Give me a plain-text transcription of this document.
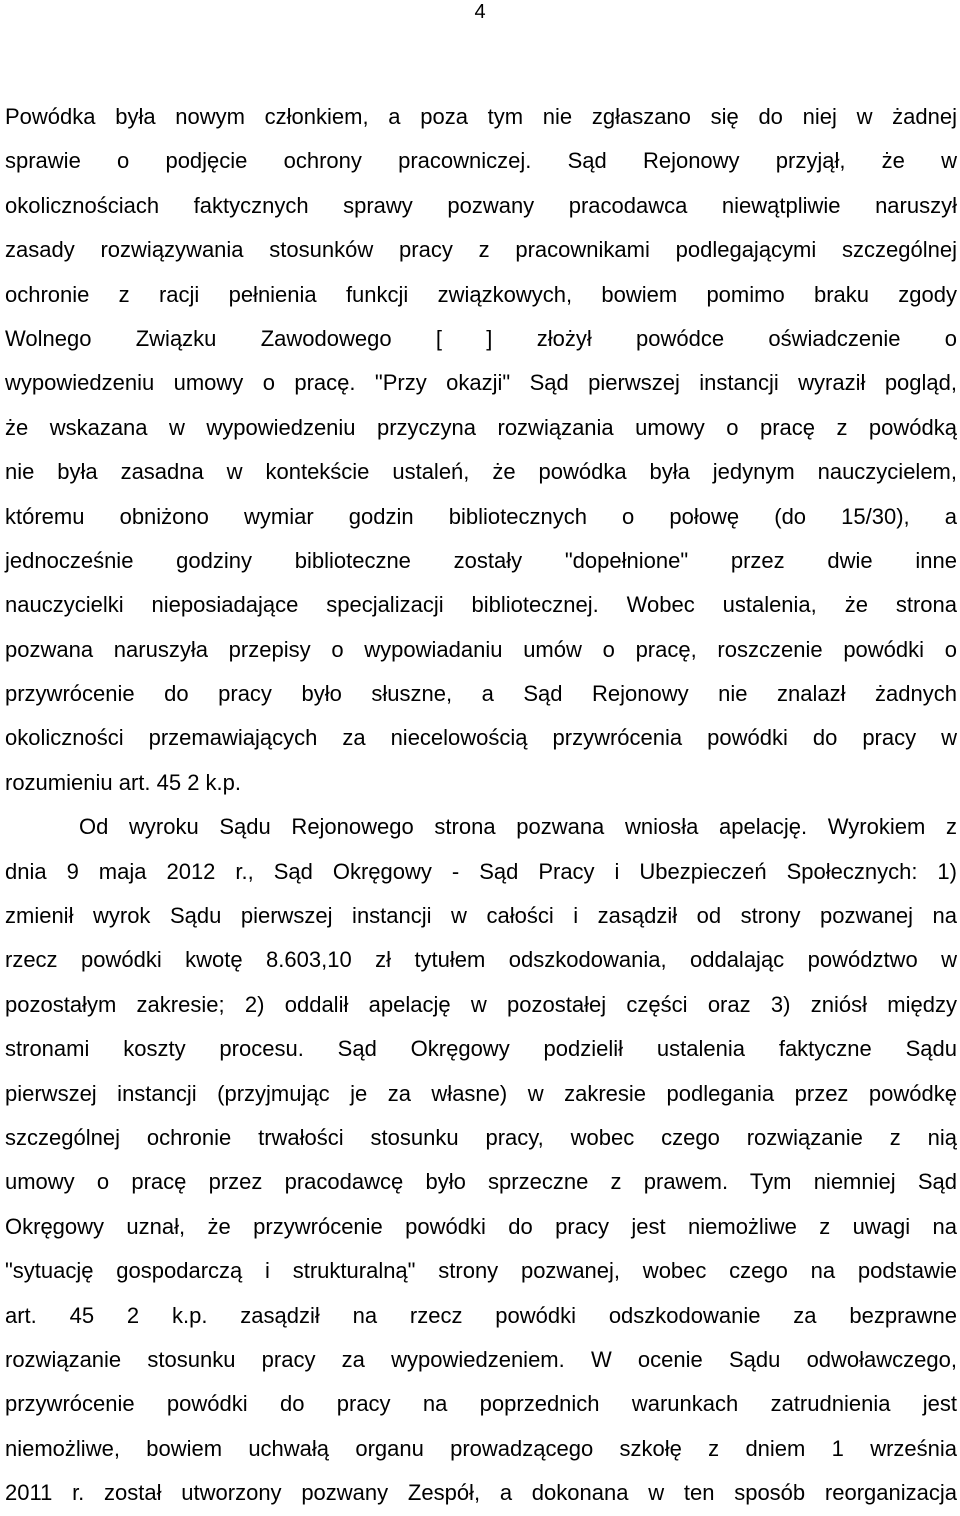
4
Powódka była nowym członkiem, a poza tym nie zgłaszano się do niej w żadnej
sprawie o podjęcie ochrony pracowniczej. Sąd Rejonowy przyjął, że w
okolicznościach faktycznych sprawy pozwany pracodawca niewątpliwie naruszył
zasady rozwiązywania stosunków pracy z pracownikami podlegającymi szczególnej
ochronie z racji pełnienia funkcji związkowych, bowiem pomimo braku zgody
Wolnego Związku Zawodowego [ ] złożył powódce oświadczenie o
wypowiedzeniu umowy o pracę. "Przy okazji" Sąd pierwszej instancji wyraził pogląd,
że wskazana w wypowiedzeniu przyczyna rozwiązania umowy o pracę z powódką
nie była zasadna w kontekście ustaleń, że powódka była jedynym nauczycielem,
któremu obniżono wymiar godzin bibliotecznych o połowę (do 15/30), a
jednocześnie godziny biblioteczne zostały "dopełnione" przez dwie inne
nauczycielki nieposiadające specjalizacji bibliotecznej. Wobec ustalenia, że strona
pozwana naruszyła przepisy o wypowiadaniu umów o pracę, roszczenie powódki o
przywrócenie do pracy było słuszne, a Sąd Rejonowy nie znalazł żadnych
okoliczności przemawiających za niecelowością przywrócenia powódki do pracy w
rozumieniu art. 45 2 k.p.
Od wyroku Sądu Rejonowego strona pozwana wniosła apelację. Wyrokiem z
dnia 9 maja 2012 r., Sąd Okręgowy - Sąd Pracy i Ubezpieczeń Społecznych: 1)
zmienił wyrok Sądu pierwszej instancji w całości i zasądził od strony pozwanej na
rzecz powódki kwotę 8.603,10 zł tytułem odszkodowania, oddalając powództwo w
pozostałym zakresie; 2) oddalił apelację w pozostałej części oraz 3) zniósł między
stronami koszty procesu. Sąd Okręgowy podzielił ustalenia faktyczne Sądu
pierwszej instancji (przyjmując je za własne) w zakresie podlegania przez powódkę
szczególnej ochronie trwałości stosunku pracy, wobec czego rozwiązanie z nią
umowy o pracę przez pracodawcę było sprzeczne z prawem. Tym niemniej Sąd
Okręgowy uznał, że przywrócenie powódki do pracy jest niemożliwe z uwagi na
"sytuację gospodarczą i strukturalną" strony pozwanej, wobec czego na podstawie
art. 45 2 k.p. zasądził na rzecz powódki odszkodowanie za bezprawne
rozwiązanie stosunku pracy za wypowiedzeniem. W ocenie Sądu odwoławczego,
przywrócenie powódki do pracy na poprzednich warunkach zatrudnienia jest
niemożliwe, bowiem uchwałą organu prowadzącego szkołę z dniem 1 września
2011 r. został utworzony pozwany Zespół, a dokonana w ten sposób reorganizacja
